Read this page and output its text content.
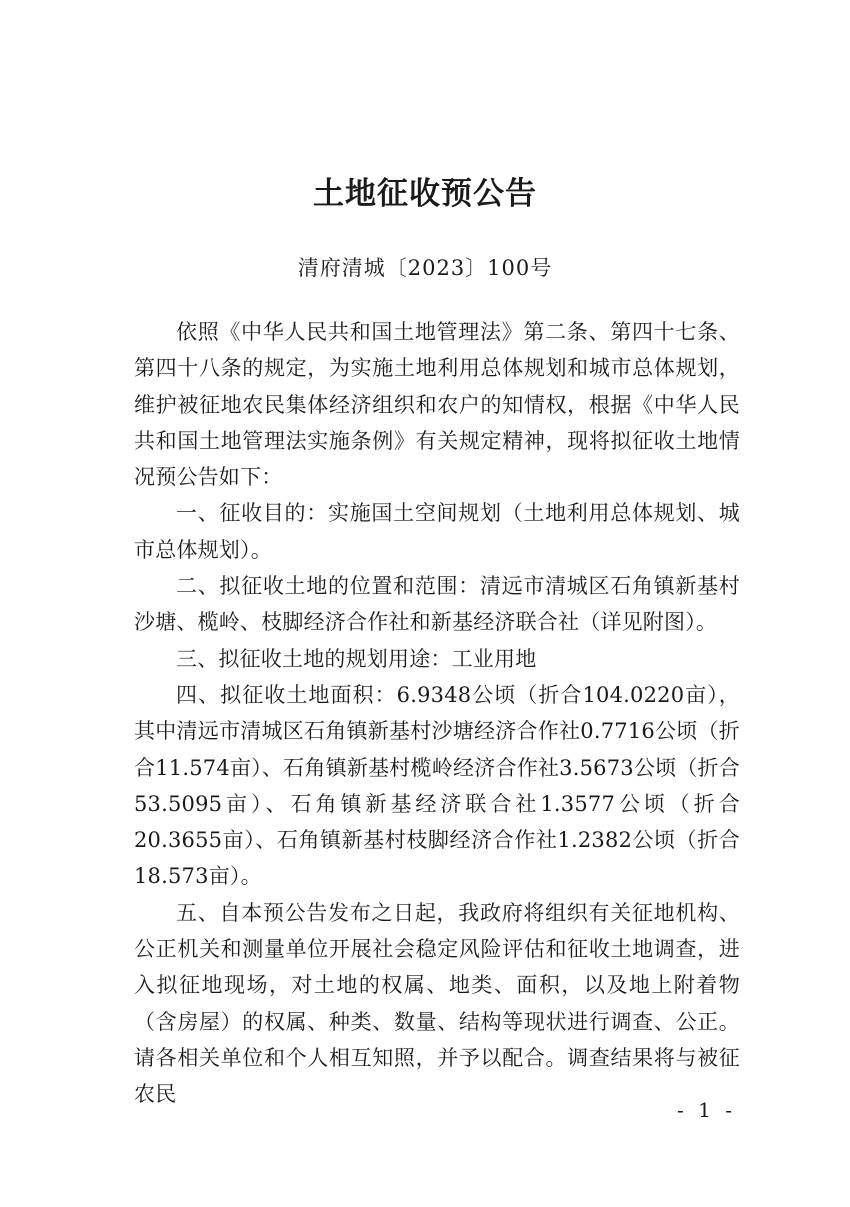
土地征收预公告
清府清城〔2023〕100号

依照《中华人民共和国土地管理法》第二条、第四十七条、第四十八条的规定，为实施土地利用总体规划和城市总体规划，维护被征地农民集体经济组织和农户的知情权，根据《中华人民共和国土地管理法实施条例》有关规定精神，现将拟征收土地情况预公告如下：

一、征收目的：实施国土空间规划（土地利用总体规划、城市总体规划）。

二、拟征收土地的位置和范围：清远市清城区石角镇新基村沙塘、榄岭、枝脚经济合作社和新基经济联合社（详见附图）。

三、拟征收土地的规划用途：工业用地

四、拟征收土地面积：6.9348公顷（折合104.0220亩），其中清远市清城区石角镇新基村沙塘经济合作社0.7716公顷（折合11.574亩）、石角镇新基村榄岭经济合作社3.5673公顷（折合53.5095亩）、石角镇新基经济联合社1.3577公顷（折合20.3655亩）、石角镇新基村枝脚经济合作社1.2382公顷（折合18.573亩）。

五、自本预公告发布之日起，我政府将组织有关征地机构、公正机关和测量单位开展社会稳定风险评估和征收土地调查，进入拟征地现场，对土地的权属、地类、面积，以及地上附着物（含房屋）的权属、种类、数量、结构等现状进行调查、公正。请各相关单位和个人相互知照，并予以配合。调查结果将与被征农民

- 1 -
